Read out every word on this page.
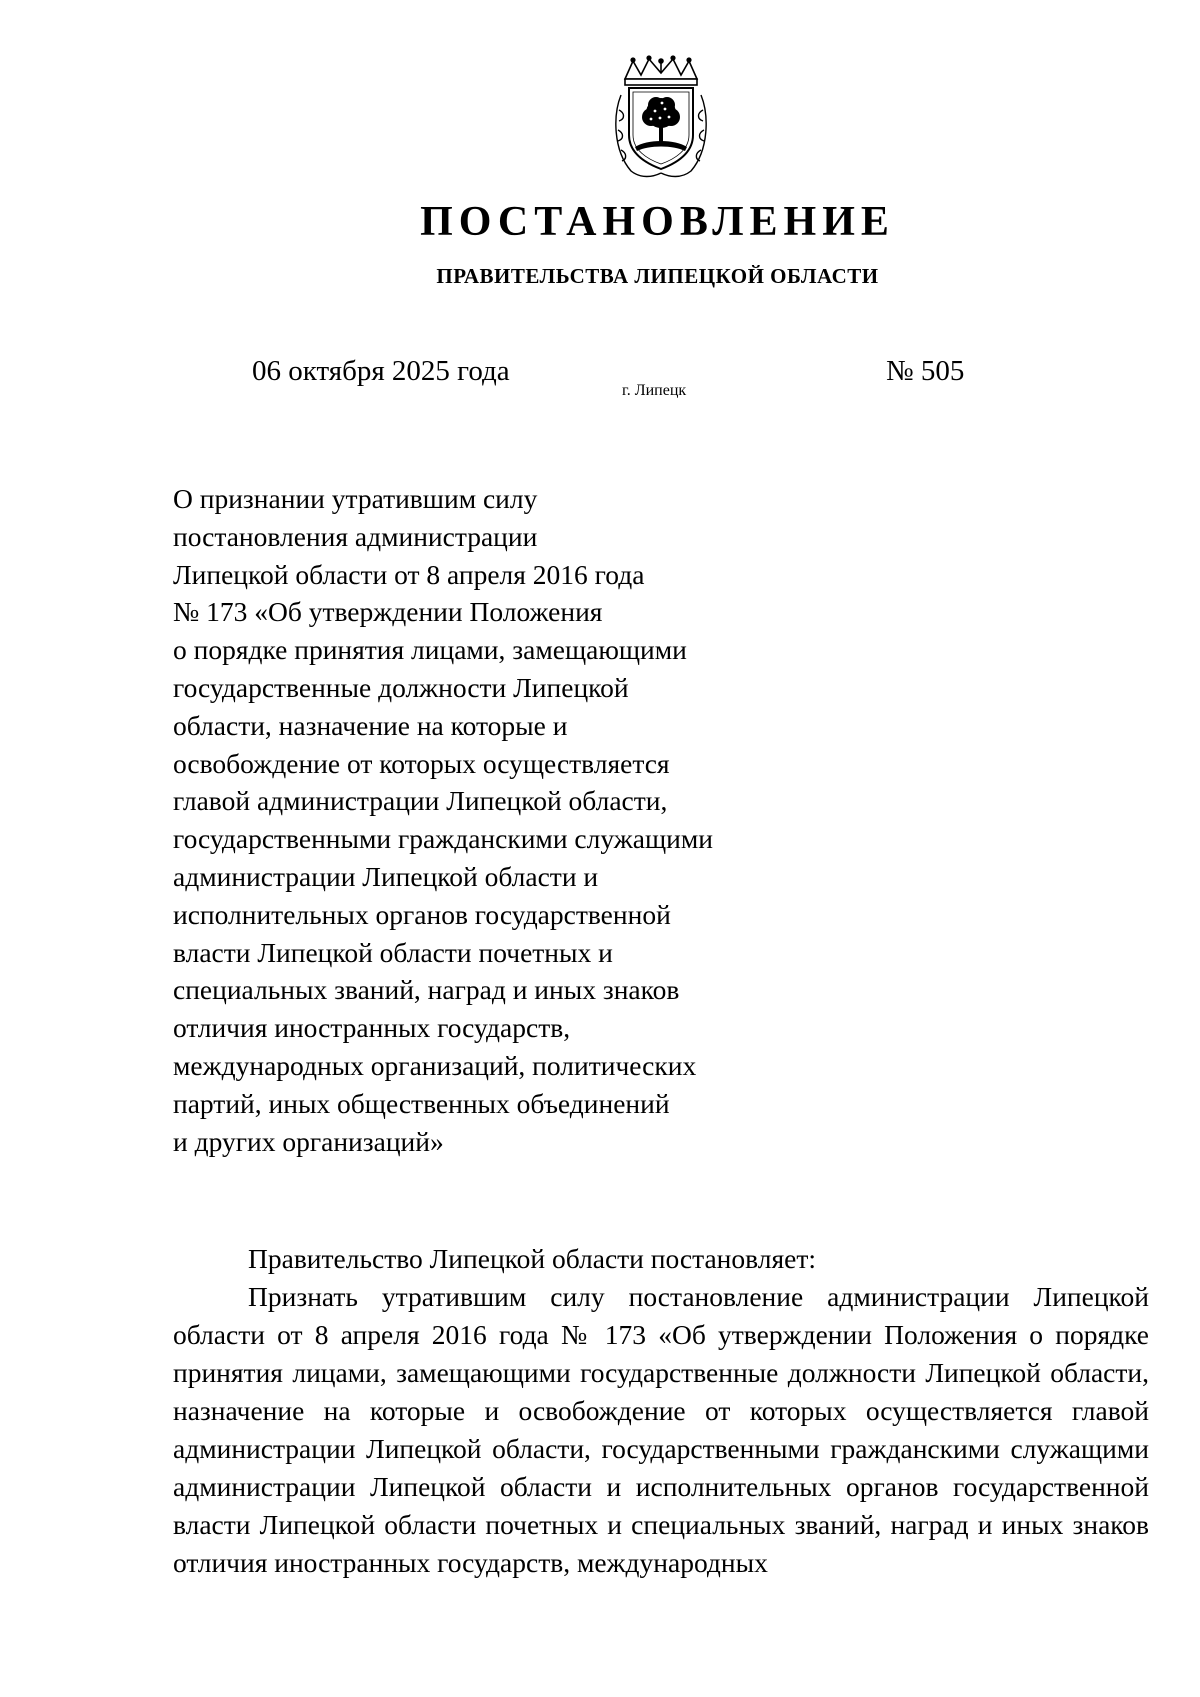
ПОСТАНОВЛЕНИЕ
ПРАВИТЕЛЬСТВА ЛИПЕЦКОЙ ОБЛАСТИ
06 октября 2025 года
г. Липецк
№ 505
О признании утратившим силу
постановления администрации
Липецкой области от 8 апреля 2016 года
№ 173 «Об утверждении Положения
о порядке принятия лицами, замещающими
государственные должности Липецкой
области, назначение на которые и
освобождение от которых осуществляется
главой администрации Липецкой области,
государственными гражданскими служащими
администрации Липецкой области и
исполнительных органов государственной
власти Липецкой области почетных и
специальных званий, наград и иных знаков
отличия иностранных государств,
международных организаций, политических
партий, иных общественных объединений
и других организаций»
Правительство Липецкой области постановляет:

Признать утратившим силу постановление администрации Липецкой области от 8 апреля 2016 года № 173 «Об утверждении Положения о порядке принятия лицами, замещающими государственные должности Липецкой области, назначение на которые и освобождение от которых осуществляется главой администрации Липецкой области, государственными гражданскими служащими администрации Липецкой области и исполнительных органов государственной власти Липецкой области почетных и специальных званий, наград и иных знаков отличия иностранных государств, международных
